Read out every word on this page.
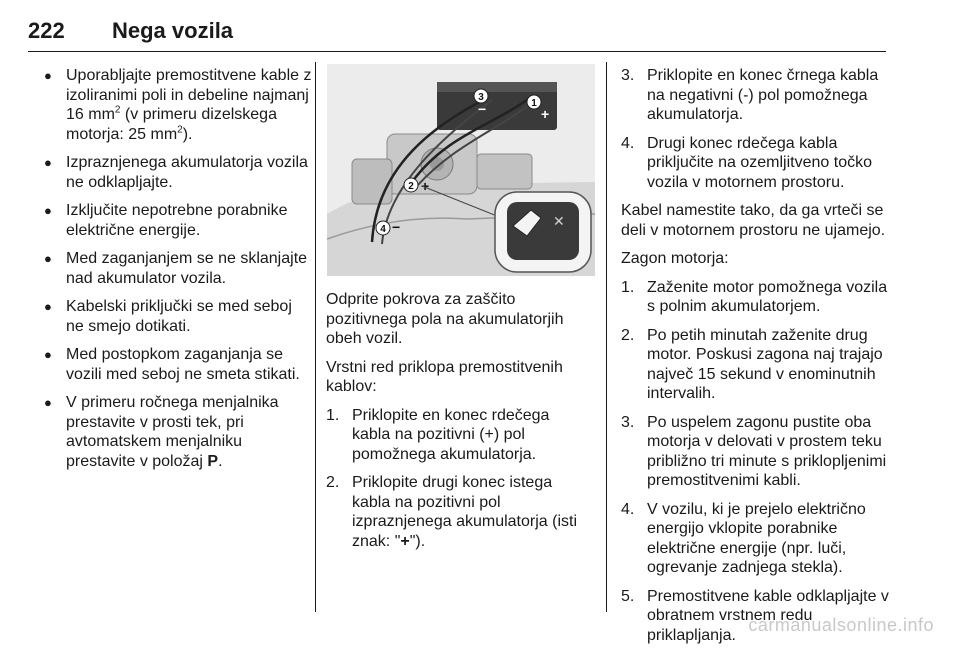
222 Nega vozila
● Uporabljajte premostitvene kable z izoliranimi poli in debeline najmanj 16 $mm^2$ (v primeru dizelskega motorja: 25 $mm^2$).
● Izpraznjenega akumulatorja vozila ne odklapljajte.
● Izključite nepotrebne porabnike električne energije.
● Med zaganjanjem se ne sklanjajte nad akumulator vozila.
● Kabelski priključki se med seboj ne smejo dotikati.
● Med postopkom zaganjanja se vozili med seboj ne smeta stikati.
● V primeru ročnega menjalnika prestavite v prosti tek, pri avtomatskem menjalniku prestavite v položaj P.
1
+
3
−
2 +
4 −	✕

Odprite pokrova za zaščito pozitivnega pola na akumulatorjih obeh vozil.

Vrstni red priklopa premostitvenih kablov:

1. Priklopite en konec rdečega kabla na pozitivni (+) pol pomožnega akumulatorja.
2. Priklopite drugi konec istega kabla na pozitivni pol izpraznjenega akumulatorja (isti znak: "+").
3. Priklopite en konec črnega kabla na negativni (-) pol pomožnega akumulatorja.
4. Drugi konec rdečega kabla priključite na ozemljitveno točko vozila v motornem prostoru.

Kabel namestite tako, da ga vrteči se deli v motornem prostoru ne ujamejo.

Zagon motorja:

1. Zaženite motor pomožnega vozila s polnim akumulatorjem.
2. Po petih minutah zaženite drug motor. Poskusi zagona naj trajajo največ 15 sekund v enominutnih intervalih.
3. Po uspelem zagonu pustite oba motorja v delovati v prostem teku približno tri minute s priklopljenimi premostitvenimi kabli.
4. V vozilu, ki je prejelo električno energijo vklopite porabnike električne energije (npr. luči, ogrevanje zadnjega stekla).
5. Premostitvene kable odklapljajte v obratnem vrstnem redu priklapljanja. carmanualsonline.info
